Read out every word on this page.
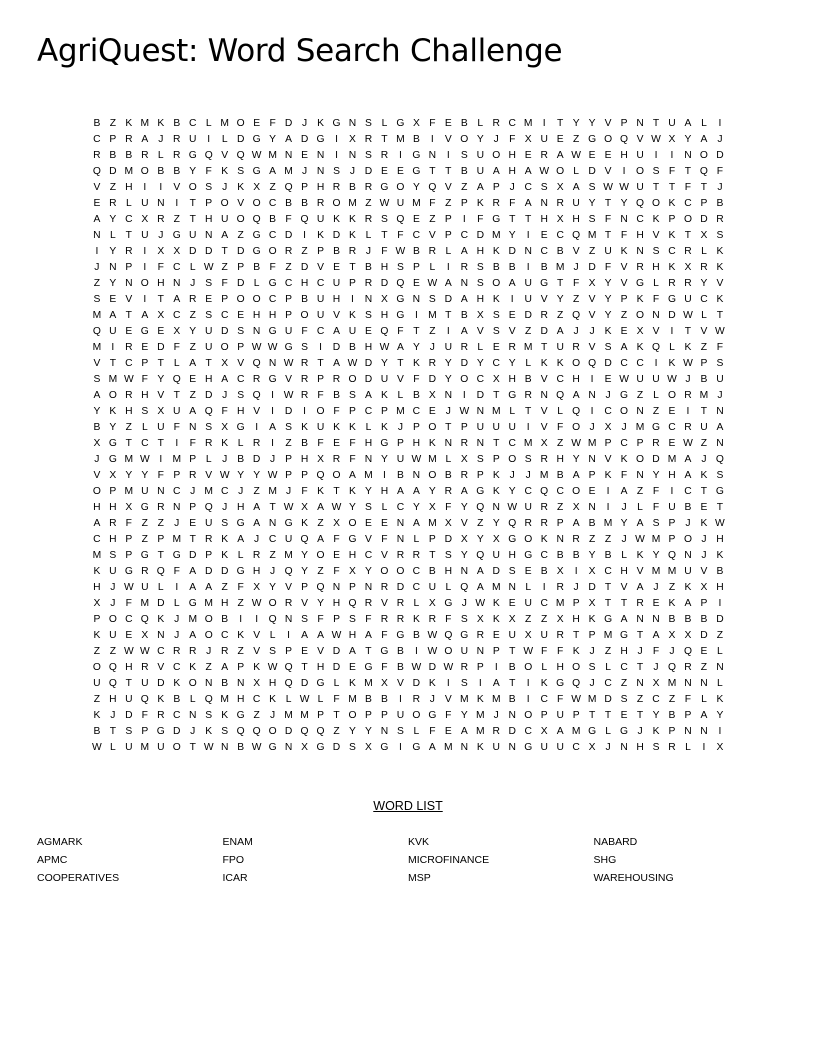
AgriQuest: Word Search Challenge
B Z K M K B C L M O E F D J K G N S L G X F E B L R C M I	T Y Y V P N T U A L	I
C P R A J R U	I	L D G Y A D G	I	X R T M B	I	V O Y J F X U E Z G O Q V W X Y A J
R B B R L R G Q V Q W M N E N	I	N S R	I	G N	I	S U O H E R A W E E H U	I	I	N O D
Q D M O B B Y F K S G A M J N S J D E E G T T B U A H A W O L D V	I	O S F T Q F
V Z H	I	I	V O S J K X Z Q P H R B R G O Y Q V Z A P J C S X A S W W U T T F T J
E R L U N	I	T P O V O C B B R O M Z W U M F Z P K R F A N R U Y T Y Q O K C P B
A Y C X R Z T H U O Q B F Q U K K R S Q E Z P	I	F G T T H X H S F N C K P O D R
N L T U J G U N A Z G C D	I	K D K L T F C V P C D M Y	I	E C Q M T F H V K T X S
I	Y R	I	X X D D T D G O R Z P B R J F W B R L A H K D N C B V Z U K N S C R L K
J N P	I	F C L W Z P B F Z D V E T B H S P L	I	R S B B	I	B M J D F V R H K X R K
Z Y N O H N J S F D L G C H C U P R D Q E W A N S O A U G T F X Y V G L R R Y V
S E V	I	T A R E P O O C P B U H	I	N X G N S D A H K	I	U V Y Z V Y P K F G U C K
M A T A X C Z S C E H H P O U V K S H G	I M T B X S E D R Z Q V Y Z O N D W L T
Q U E G E X Y U D S N G U F C A U E Q F T Z	I	A V S V Z D A J	J K E X V	I	T V W
M I	R E D F Z U O P W W G S	I	D B H W A Y J U R L E R M T U R V S A K Q L K Z F
V T C P T L A T X V Q N W R T A W D Y T K R Y D Y C Y L K K O Q D C C	I	K W P S
S M W F Y Q E H A C R G V R P R O D U V F D Y O C X H B V C H	I	E W U U W J B U
A O R H V T Z D J S Q	I W R F B S A K L B X N	I	D T G R N Q A N J G Z L O R M J
Y K H S X U A Q F H V	I	D	I	O F P C P M C E J W N M L T V L Q	I	C O N Z E	I	T N
B Y Z L U F N S X G	I	A S K U K K L K J P O T P U U U	I	V F O J X J M G C R U A
X G T C T	I	F R K L R	I	Z B F E F H G P H K N R N T C M X Z W M P C P R E W Z N
J G M W I M P L	J B D J P H X R F N Y U W M L X S P O S R H Y N V K O D M A J Q
V X Y Y F P R V W Y Y W P P Q O A M I	B N O B R P K J	J M B A P K F N Y H A K S
O P M U N C J M C J Z M J F K T K Y H A A Y R A G K Y C Q C O E	I	A Z F	I	C T G
H H X G R N P Q J H A T W X A W Y S L C Y X F Y Q N W U R Z X N	I	J	L F U B E T
A R F Z Z J E U S G A N G K Z X O E E N A M X V Z Y Q R R P A B M Y A S P J K W
C H P Z P M T R K A J C U Q A F G V F N L P D X Y X G O K N R Z Z J W M P O J H
M S P G T G D P K L R Z M Y O E H C V R R T S Y Q U H G C B B Y B L K Y Q N J K
K U G R Q F A D D G H J Q Y Z F X Y O O C B H N A D S E B X	I	X C H V M M U V B
H J W U L	I	A A Z F X Y V P Q N P N R D C U L Q A M N L	I	R J D T V A J Z K X H
X J F M D L G M H Z W O R V Y H Q R V R L X G J W K E U C M P X T T R E K A P	I
P O C Q K J M O B	I	I	Q N S F P S F R R K R F S X K X Z Z X H K G A N N B B B D
K U E X N J A O C K V L	I	A A W H A F G B W Q G R E U X U R T P M G T A X X D Z
Z Z W W C R R J R Z V S P E V D A T G B	I W O U N P T W F F K J Z H J F J Q E L
O Q H R V C K Z A P K W Q T H D E G F B W D W R P	I	B O L H O S L C T J Q R Z N
U Q T U D K O N B N X H Q D G L K M X V D K	I	S	I	A T	I	K G Q J C Z N X M N N L
Z H U Q K B L Q M H C K L W L F M B B	I	R J V M K M B	I	C F W M D S Z C Z F L K
K J D F R C N S K G Z J M M P T O P P U O G F Y M J N O P U P T T E T Y B P A Y
B T S P G D J K S Q Q O D Q Q Z Y Y N S L F E A M R D C X A M G L G J K P N N	I
W L U M U O T W N B W G N X G D S X G	I	G A M N K U N G U U C X J N H S R L	I	X
WORD LIST
AGMARK	ENAM	KVK	NABARD
APMC	FPO	MICROFINANCE	SHG
COOPERATIVES	ICAR	MSP	WAREHOUSING
